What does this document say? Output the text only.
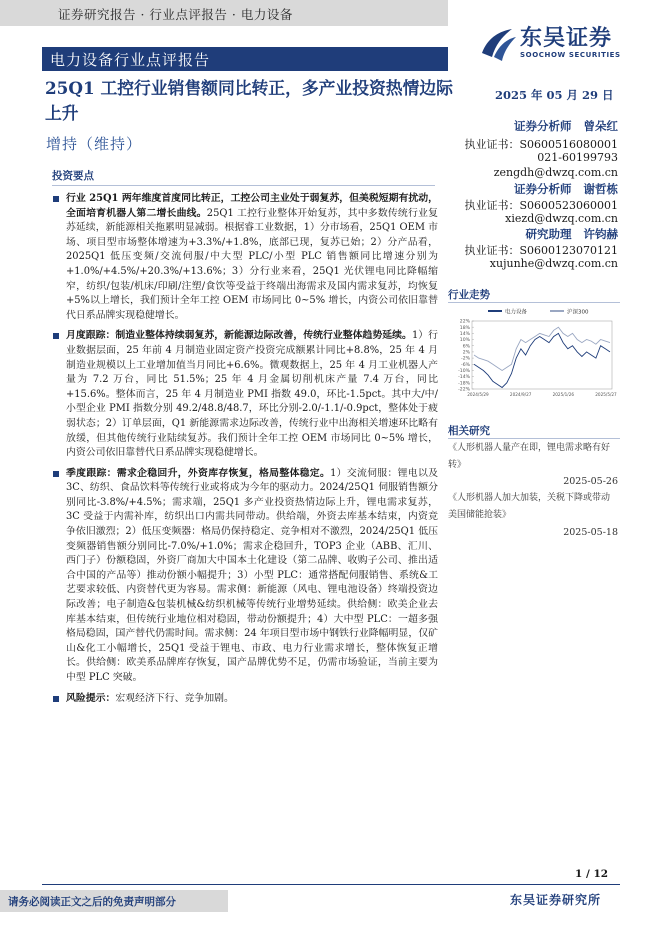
证券研究报告 · 行业点评报告 · 电力设备
电力设备行业点评报告
东吴证券
SOOCHOW SECURITIES
25Q1 工控行业销售额同比转正，多产业投资热情边际上升
增持（维持）
2025 年 05 月 29 日
证券分析师 曾朵红
执业证书：S0600516080001
021-60199793
zengdh@dwzq.com.cn
证券分析师 谢哲栋
执业证书：S0600523060001
xiezd@dwzq.com.cn
研究助理 许钧赫
执业证书：S0600123070121
xujunhe@dwzq.com.cn
投资要点
行业 25Q1 两年维度首度同比转正，工控公司主业处于弱复苏，但美税短期有扰动，全面培育机器人第二增长曲线。25Q1 工控行业整体开始复苏，其中多数传统行业复苏延续，新能源相关拖累明显减弱。根据睿工业数据，1）分市场看，25Q1 OEM 市场、项目型市场整体增速为+3.3%/+1.8%，底部已现，复苏已始；2）分产品看，2025Q1 低压变频/交流伺服/中大型 PLC/小型 PLC 销售额同比增速分别为+1.0%/+4.5%/+20.3%/+13.6%；3）分行业来看，25Q1 光伏锂电同比降幅缩窄，纺织/包装/机床/印刷/注塑/食饮等受益于终端出海需求及国内需求复苏，均恢复+5%以上增长，我们预计全年工控 OEM 市场同比 0~5% 增长，内资公司依旧靠替代日系品牌实现稳健增长。
月度跟踪：制造业整体持续弱复苏，新能源边际改善，传统行业整体趋势延续。1）行业数据层面，25 年前 4 月制造业固定资产投资完成额累计同比+8.8%，25 年 4 月制造业规模以上工业增加值当月同比+6.6%。微观数据上，25 年 4 月工业机器人产量为 7.2 万台，同比 51.5%；25 年 4 月金属切削机床产量 7.4 万台，同比+15.6%。整体而言，25 年 4 月制造业 PMI 指数 49.0，环比-1.5pct。其中大/中/小型企业 PMI 指数分别 49.2/48.8/48.7，环比分别-2.0/-1.1/-0.9pct，整体处于疲弱状态；2）订单层面，Q1 新能源需求边际改善，传统行业中出海相关增速环比略有放缓，但其他传统行业陆续复苏。我们预计全年工控 OEM 市场同比 0~5% 增长，内资公司依旧靠替代日系品牌实现稳健增长。
季度跟踪：需求企稳回升，外资库存恢复，格局整体稳定。1）交流伺服：锂电以及 3C、纺织、食品饮料等传统行业或将成为今年的驱动力。2024/25Q1 伺服销售额分别同比-3.8%/+4.5%；需求端，25Q1 多产业投资热情边际上升，锂电需求复苏，3C 受益于内需补库，纺织出口内需共同带动。供给端，外资去库基本结束，内资竞争依旧激烈；2）低压变频器：格局仍保持稳定、竞争相对不激烈，2024/25Q1 低压变频器销售额分别同比-7.0%/+1.0%；需求企稳回升，TOP3 企业（ABB、汇川、西门子）份额稳固，外资厂商加大中国本土化建设（第二品牌、收购子公司、推出适合中国的产品等）推动份额小幅提升；3）小型 PLC：通常搭配伺服销售、系统&工艺要求较低、内资替代更为容易。需求侧：新能源（风电、锂电池设备）终端投资边际改善；电子制造&包装机械&纺织机械等传统行业增势延续。供给侧：欧美企业去库基本结束，但传统行业地位相对稳固，带动份额提升；4）大中型 PLC：一超多强格局稳固，国产替代仍需时间。需求侧：24 年项目型市场中钢铁行业降幅明显，仅矿山&化工小幅增长，25Q1 受益于锂电、市政、电力行业需求增长，整体恢复正增长。供给侧：欧美系品牌库存恢复，国产品牌优势不足，仍需市场验证，当前主要为中型 PLC 突破。
风险提示：宏观经济下行、竞争加剧。
行业走势
电力设备	沪深300
22%
18%
14%
10%
6%
2%
-2%
-6%
-10%
-14%
-18%
-22%
2024/5/29	2024/9/27	2025/1/26	2025/5/27
相关研究
《人形机器人量产在即，锂电需求略有好转》
2025-05-26
《人形机器人加大加装，关税下降或带动美国储能抢装》
2025-05-18
1 / 12
请务必阅读正文之后的免责声明部分	东吴证券研究所
